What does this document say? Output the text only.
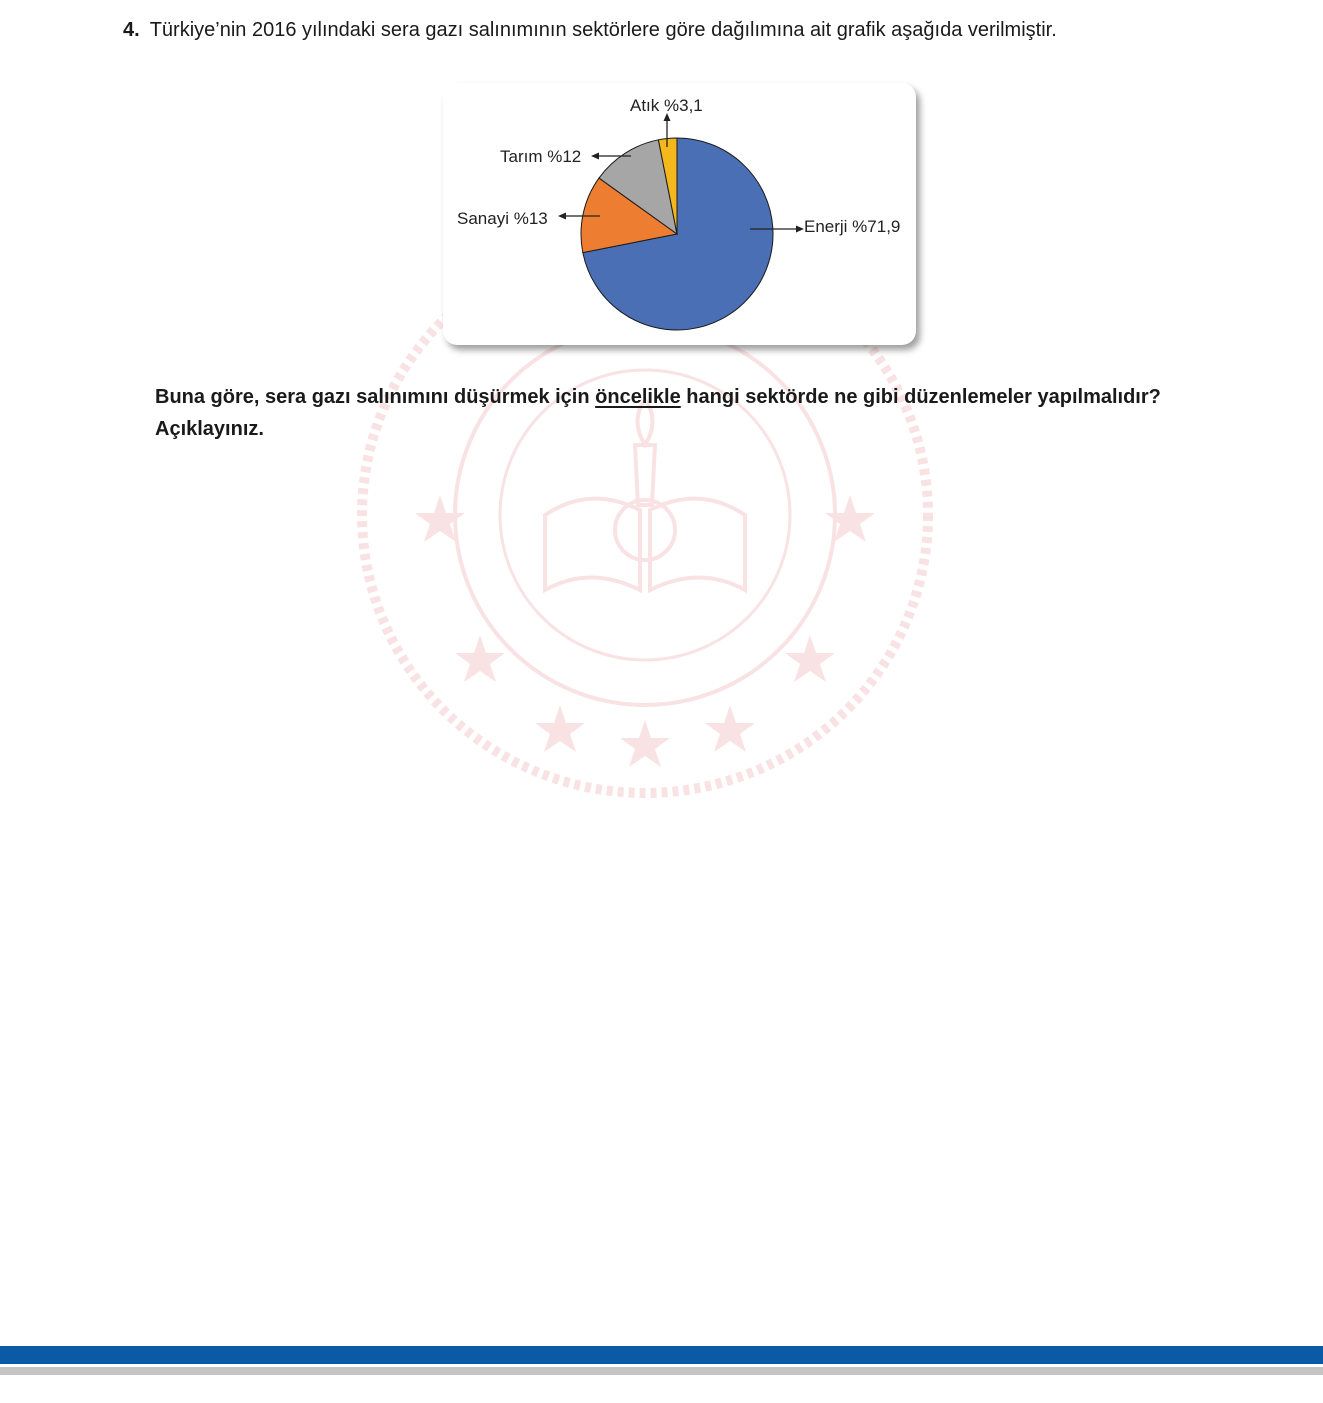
4. Türkiye’nin 2016 yılındaki sera gazı salınımının sektörlere göre dağılımına ait grafik aşağıda verilmiştir.
Enerji %71,9
Sanayi %13
Tarım %12
Atık %3,1
Buna göre, sera gazı salınımını düşürmek için öncelikle hangi sektörde ne gibi düzenlemeler yapılmalıdır? Açıklayınız.
